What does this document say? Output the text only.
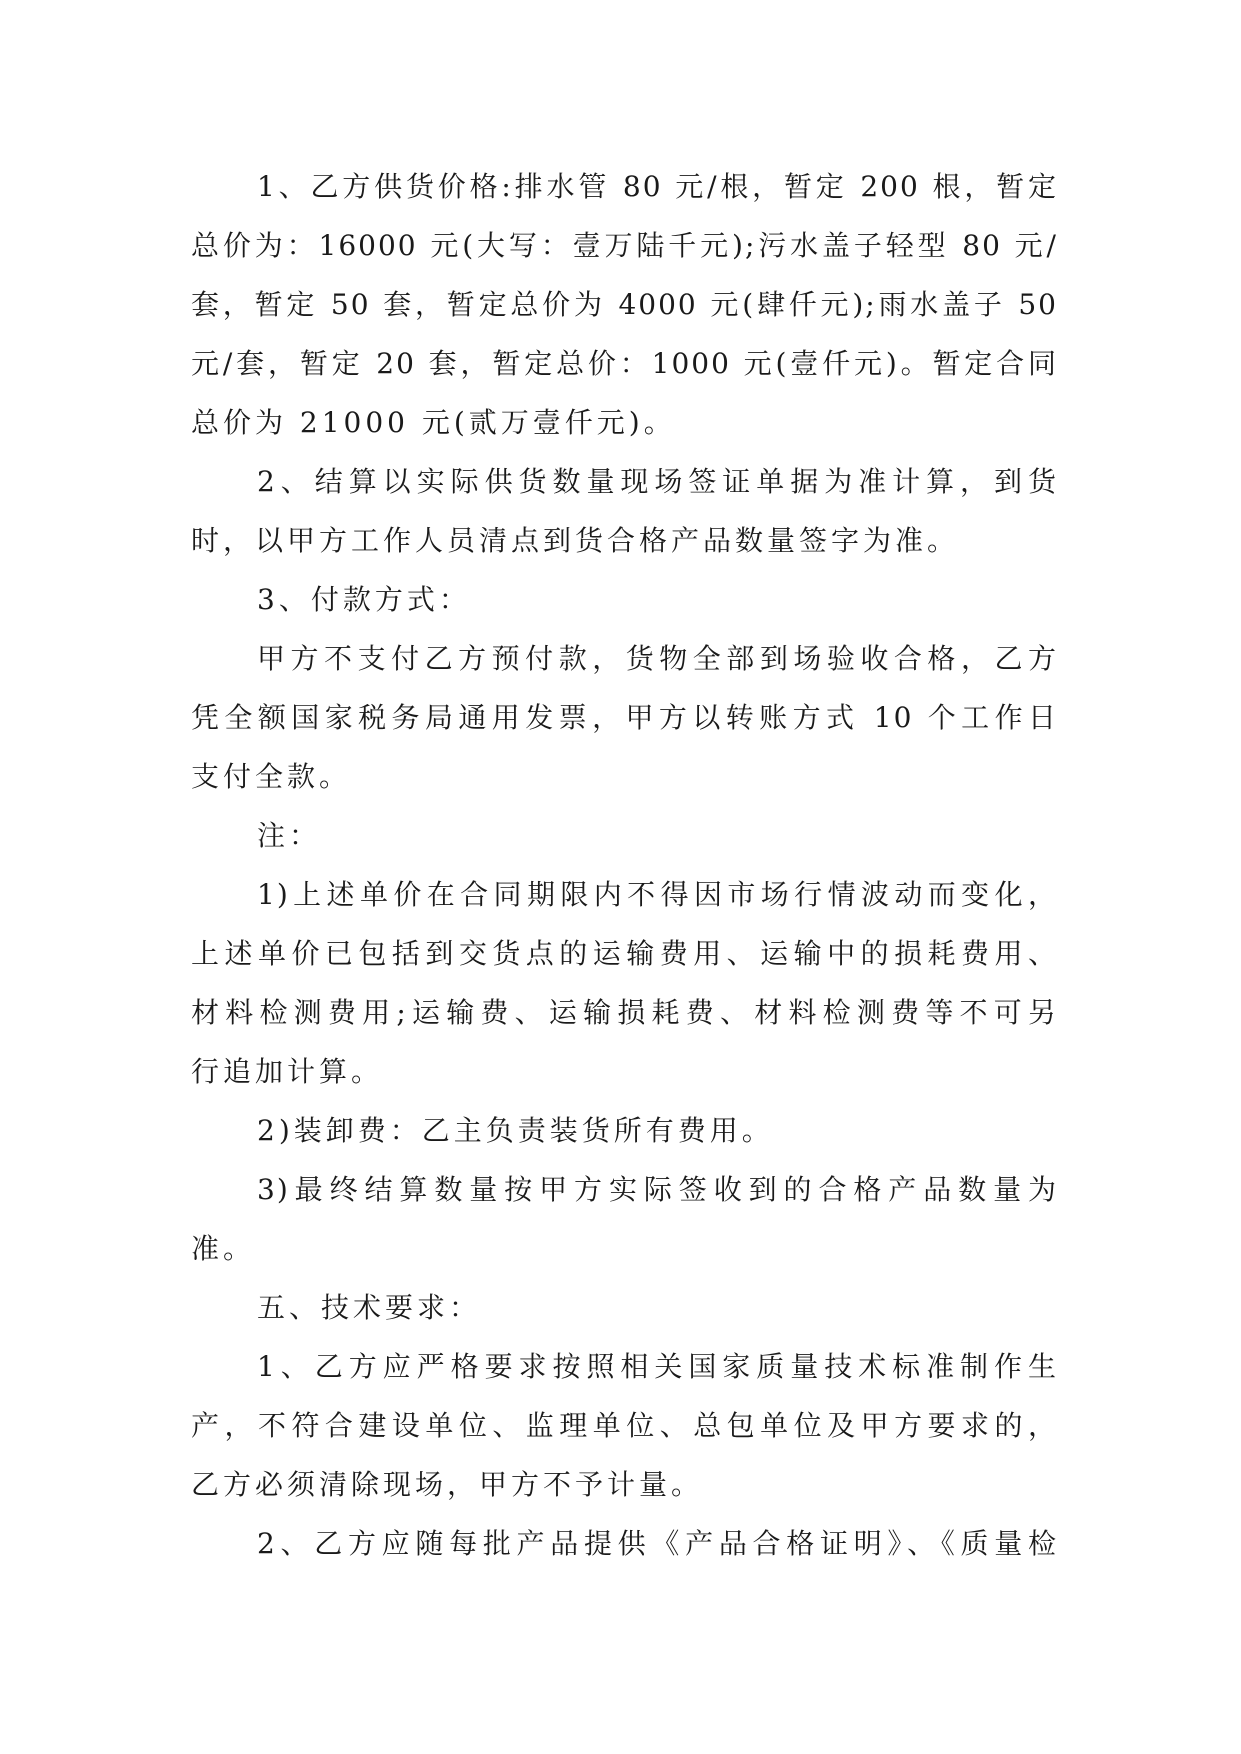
1、乙方供货价格:排水管 80 元/根，暂定 200 根，暂定
总价为：16000 元(大写：壹万陆千元);污水盖子轻型 80 元/
套，暂定 50 套，暂定总价为 4000 元(肆仟元);雨水盖子 50
元/套，暂定 20 套，暂定总价：1000 元(壹仟元)。暂定合同
总价为 21000 元(贰万壹仟元)。
2、结算以实际供货数量现场签证单据为准计算，到货
时，以甲方工作人员清点到货合格产品数量签字为准。
3、付款方式：
甲方不支付乙方预付款，货物全部到场验收合格，乙方
凭全额国家税务局通用发票，甲方以转账方式 10 个工作日
支付全款。
注：
1)上述单价在合同期限内不得因市场行情波动而变化，
上述单价已包括到交货点的运输费用、运输中的损耗费用、
材料检测费用;运输费、运输损耗费、材料检测费等不可另
行追加计算。
2)装卸费：乙主负责装货所有费用。
3)最终结算数量按甲方实际签收到的合格产品数量为
准。
五、技术要求：
1、乙方应严格要求按照相关国家质量技术标准制作生
产，不符合建设单位、监理单位、总包单位及甲方要求的，
乙方必须清除现场，甲方不予计量。
2、乙方应随每批产品提供《产品合格证明》、《质量检
